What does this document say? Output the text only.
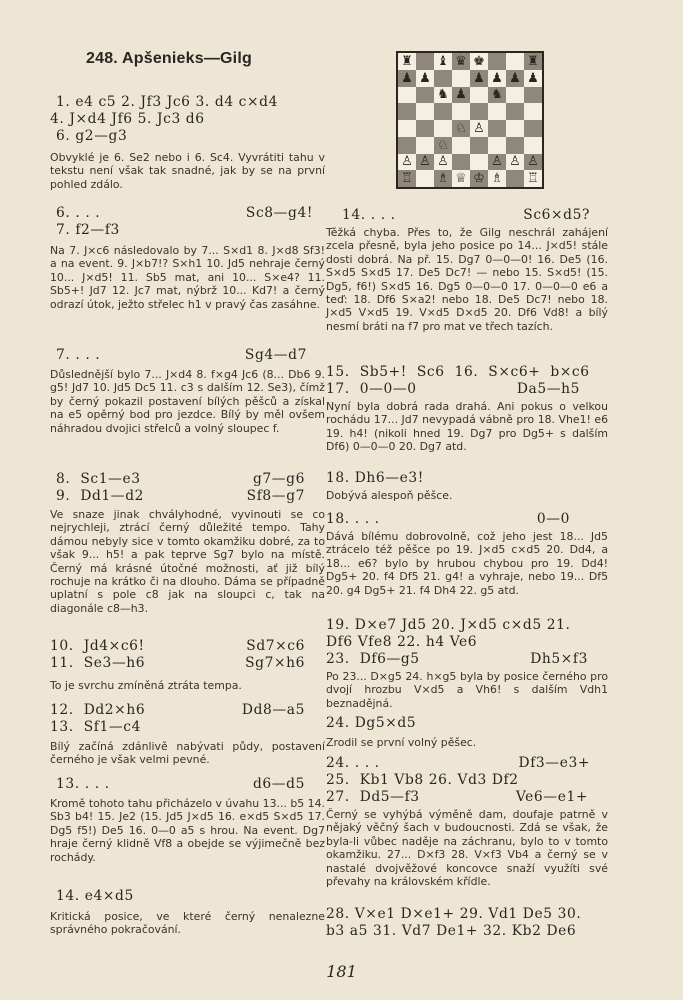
248. Apšenieks—Gilg	♜ ♝ ♛ ♚	♜
♟ ♟	♟ ♟ ♟ ♟
♞ ♟ ♞
♘ ♙
♘
♙ ♙ ♙	♙ ♙ ♙
♖ ♗ ♕ ♔ ♗ ♖
1. e4 c5 2. Jf3 Jc6 3. d4 c×d4
4. J×d4 Jf6 5. Jc3 d6
6. g2—g3
Obvyklé je 6. Se2 nebo i 6. Sc4. Vyvrátiti tahu v tekstu není však tak snadné, jak by se na první pohled zdálo.
6. . . .	Sc8—g4!
7. f2—f3
Na 7. J×c6 následovalo by 7... S×d1 8. J×d8 Sf3! a na event. 9. J×b7!? S×h1 10. Jd5 nehraje černý 10... J×d5! 11. Sb5 mat, ani 10... S×e4? 11. Sb5+! Jd7 12. Jc7 mat, nýbrž 10... Kd7! a černý odrazí útok, ježto střelec h1 v pravý čas zasáhne.
7. . . .	Sg4—d7
Důslednější bylo 7... J×d4 8. f×g4 Jc6 (8... Db6 9. g5! Jd7 10. Jd5 Dc5 11. c3 s dalším 12. Se3), čímž by černý pokazil postavení bílých pěšců a získal na e5 opěrný bod pro jezdce. Bílý by měl ovšem náhradou dvojici střelců a volný sloupec f.
8.  Sc1—e3	g7—g6
9.  Dd1—d2	Sf8—g7
Ve snaze jinak chvályhodné, vyvinouti se co nejrychleji, ztrácí černý důležité tempo. Tahy dámou nebyly sice v tomto okamžiku dobré, za to však 9... h5! a pak teprve Sg7 bylo na místě. Černý má krásné útočné možnosti, ať již bílý rochuje na krátko či na dlouho. Dáma se případně uplatní s pole c8 jak na sloupci c, tak na diagonále c8—h3.
10.  Jd4×c6!	Sd7×c6
11.  Se3—h6	Sg7×h6
To je svrchu zmíněná ztráta tempa.
12.  Dd2×h6	Dd8—a5
13.  Sf1—c4
Bílý začíná zdánlivě nabývati půdy, postavení černého je však velmi pevné.
13. . . .	d6—d5
Kromě tohoto tahu přicházelo v úvahu 13... b5 14. Sb3 b4! 15. Je2 (15. Jd5 J×d5 16. e×d5 S×d5 17. Dg5 f5!) De5 16. 0—0 a5 s hrou. Na event. Dg7 hraje černý klidně Vf8 a obejde se výjimečně bez rochády.
14. e4×d5
Kritická posice, ve které černý nenalezne správného pokračování.
14. . . .	Sc6×d5?
Těžká chyba. Přes to, že Gilg neschrál zahájení zcela přesně, byla jeho posice po 14... J×d5! stále dosti dobrá. Na př. 15. Dg7 0—0—0! 16. De5 (16. S×d5 S×d5 17. De5 Dc7! — nebo 15. S×d5! (15. Dg5, f6!) S×d5 16. Dg5 0—0—0 17. 0—0—0 e6 a teď: 18. Df6 S×a2! nebo 18. De5 Dc7! nebo 18. J×d5 V×d5 19. V×d5 D×d5 20. Df6 Vd8! a bílý nesmí bráti na f7 pro mat ve třech tazích.
15.  Sb5+!  Sc6  16.  S×c6+  b×c6
17.  0—0—0	Da5—h5
Nyní byla dobrá rada drahá. Ani pokus o velkou rochádu 17... Jd7 nevypadá vábně pro 18. Vhe1! e6 19. h4! (nikoli hned 19. Dg7 pro Dg5+ s dalším Df6) 0—0—0 20. Dg7 atd.
18. Dh6—e3!
Dobývá alespoň pěšce.
18. . . .	0—0
Dává bílému dobrovolně, což jeho jest 18... Jd5 ztrácelo též pěšce po 19. J×d5 c×d5 20. Dd4, a 18... e6? bylo by hrubou chybou pro 19. Dd4! Dg5+ 20. f4 Df5 21. g4! a vyhraje, nebo 19... Df5 20. g4 Dg5+ 21. f4 Dh4 22. g5 atd.
19. D×e7 Jd5 20. J×d5 c×d5 21.
Df6 Vfe8 22. h4 Ve6
23.  Df6—g5	Dh5×f3
Po 23... D×g5 24. h×g5 byla by posice černého pro dvojí hrozbu V×d5 a Vh6! s dalším Vdh1 beznadějná.
24. Dg5×d5
Zrodil se první volný pěšec.
24. . . .	Df3—e3+
25.  Kb1 Vb8 26. Vd3 Df2
27.  Dd5—f3	Ve6—e1+
Černý se vyhýbá výměně dam, doufaje patrně v nějaký věčný šach v budoucnosti. Zdá se však, že byla-li vůbec naděje na záchranu, bylo to v tomto okamžiku. 27... D×f3 28. V×f3 Vb4 a černý se v nastalé dvojvěžové koncovce snaží využíti své převahy na královském křídle.
28. V×e1 D×e1+ 29. Vd1 De5 30.
b3 a5 31. Vd7 De1+ 32. Kb2 De6
181
